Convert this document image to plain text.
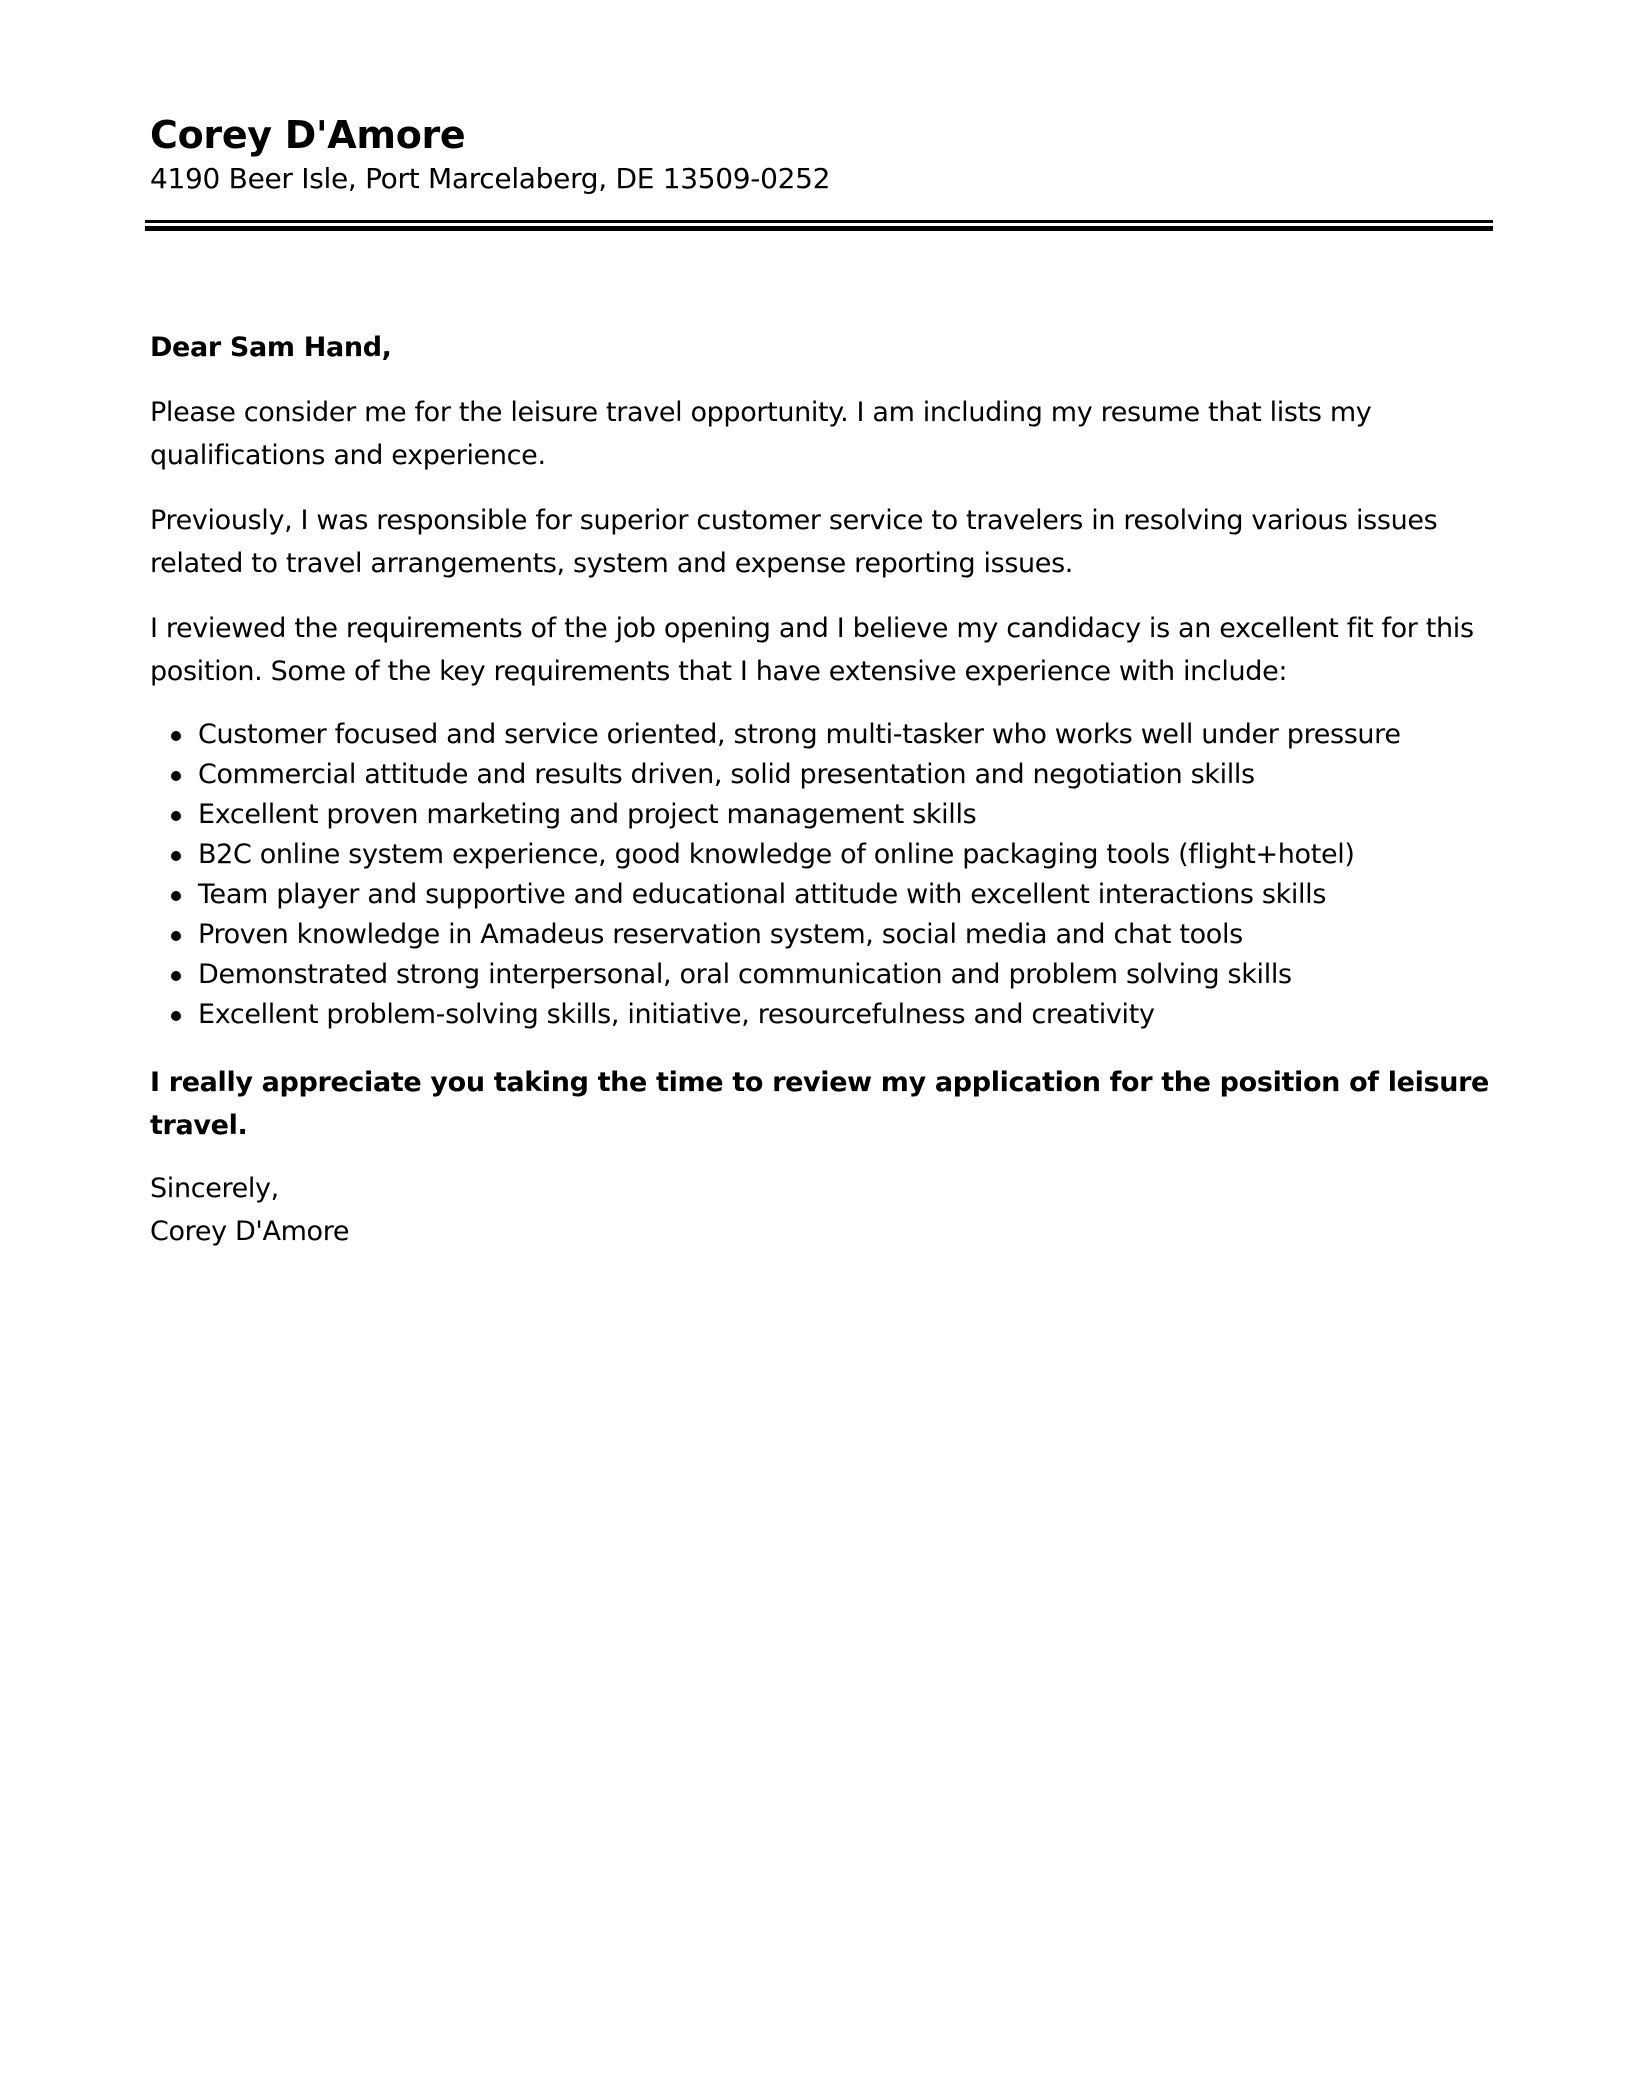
Corey D'Amore

4190 Beer Isle, Port Marcelaberg, DE 13509-0252

Dear Sam Hand,

Please consider me for the leisure travel opportunity. I am including my resume that lists my qualifications and experience.

Previously, I was responsible for superior customer service to travelers in resolving various issues related to travel arrangements, system and expense reporting issues.

I reviewed the requirements of the job opening and I believe my candidacy is an excellent fit for this position. Some of the key requirements that I have extensive experience with include:

Customer focused and service oriented, strong multi-tasker who works well under pressure
Commercial attitude and results driven, solid presentation and negotiation skills
Excellent proven marketing and project management skills
B2C online system experience, good knowledge of online packaging tools (flight+hotel)
Team player and supportive and educational attitude with excellent interactions skills
Proven knowledge in Amadeus reservation system, social media and chat tools
Demonstrated strong interpersonal, oral communication and problem solving skills
Excellent problem-solving skills, initiative, resourcefulness and creativity

I really appreciate you taking the time to review my application for the position of leisure travel.

Sincerely,

Corey D'Amore
